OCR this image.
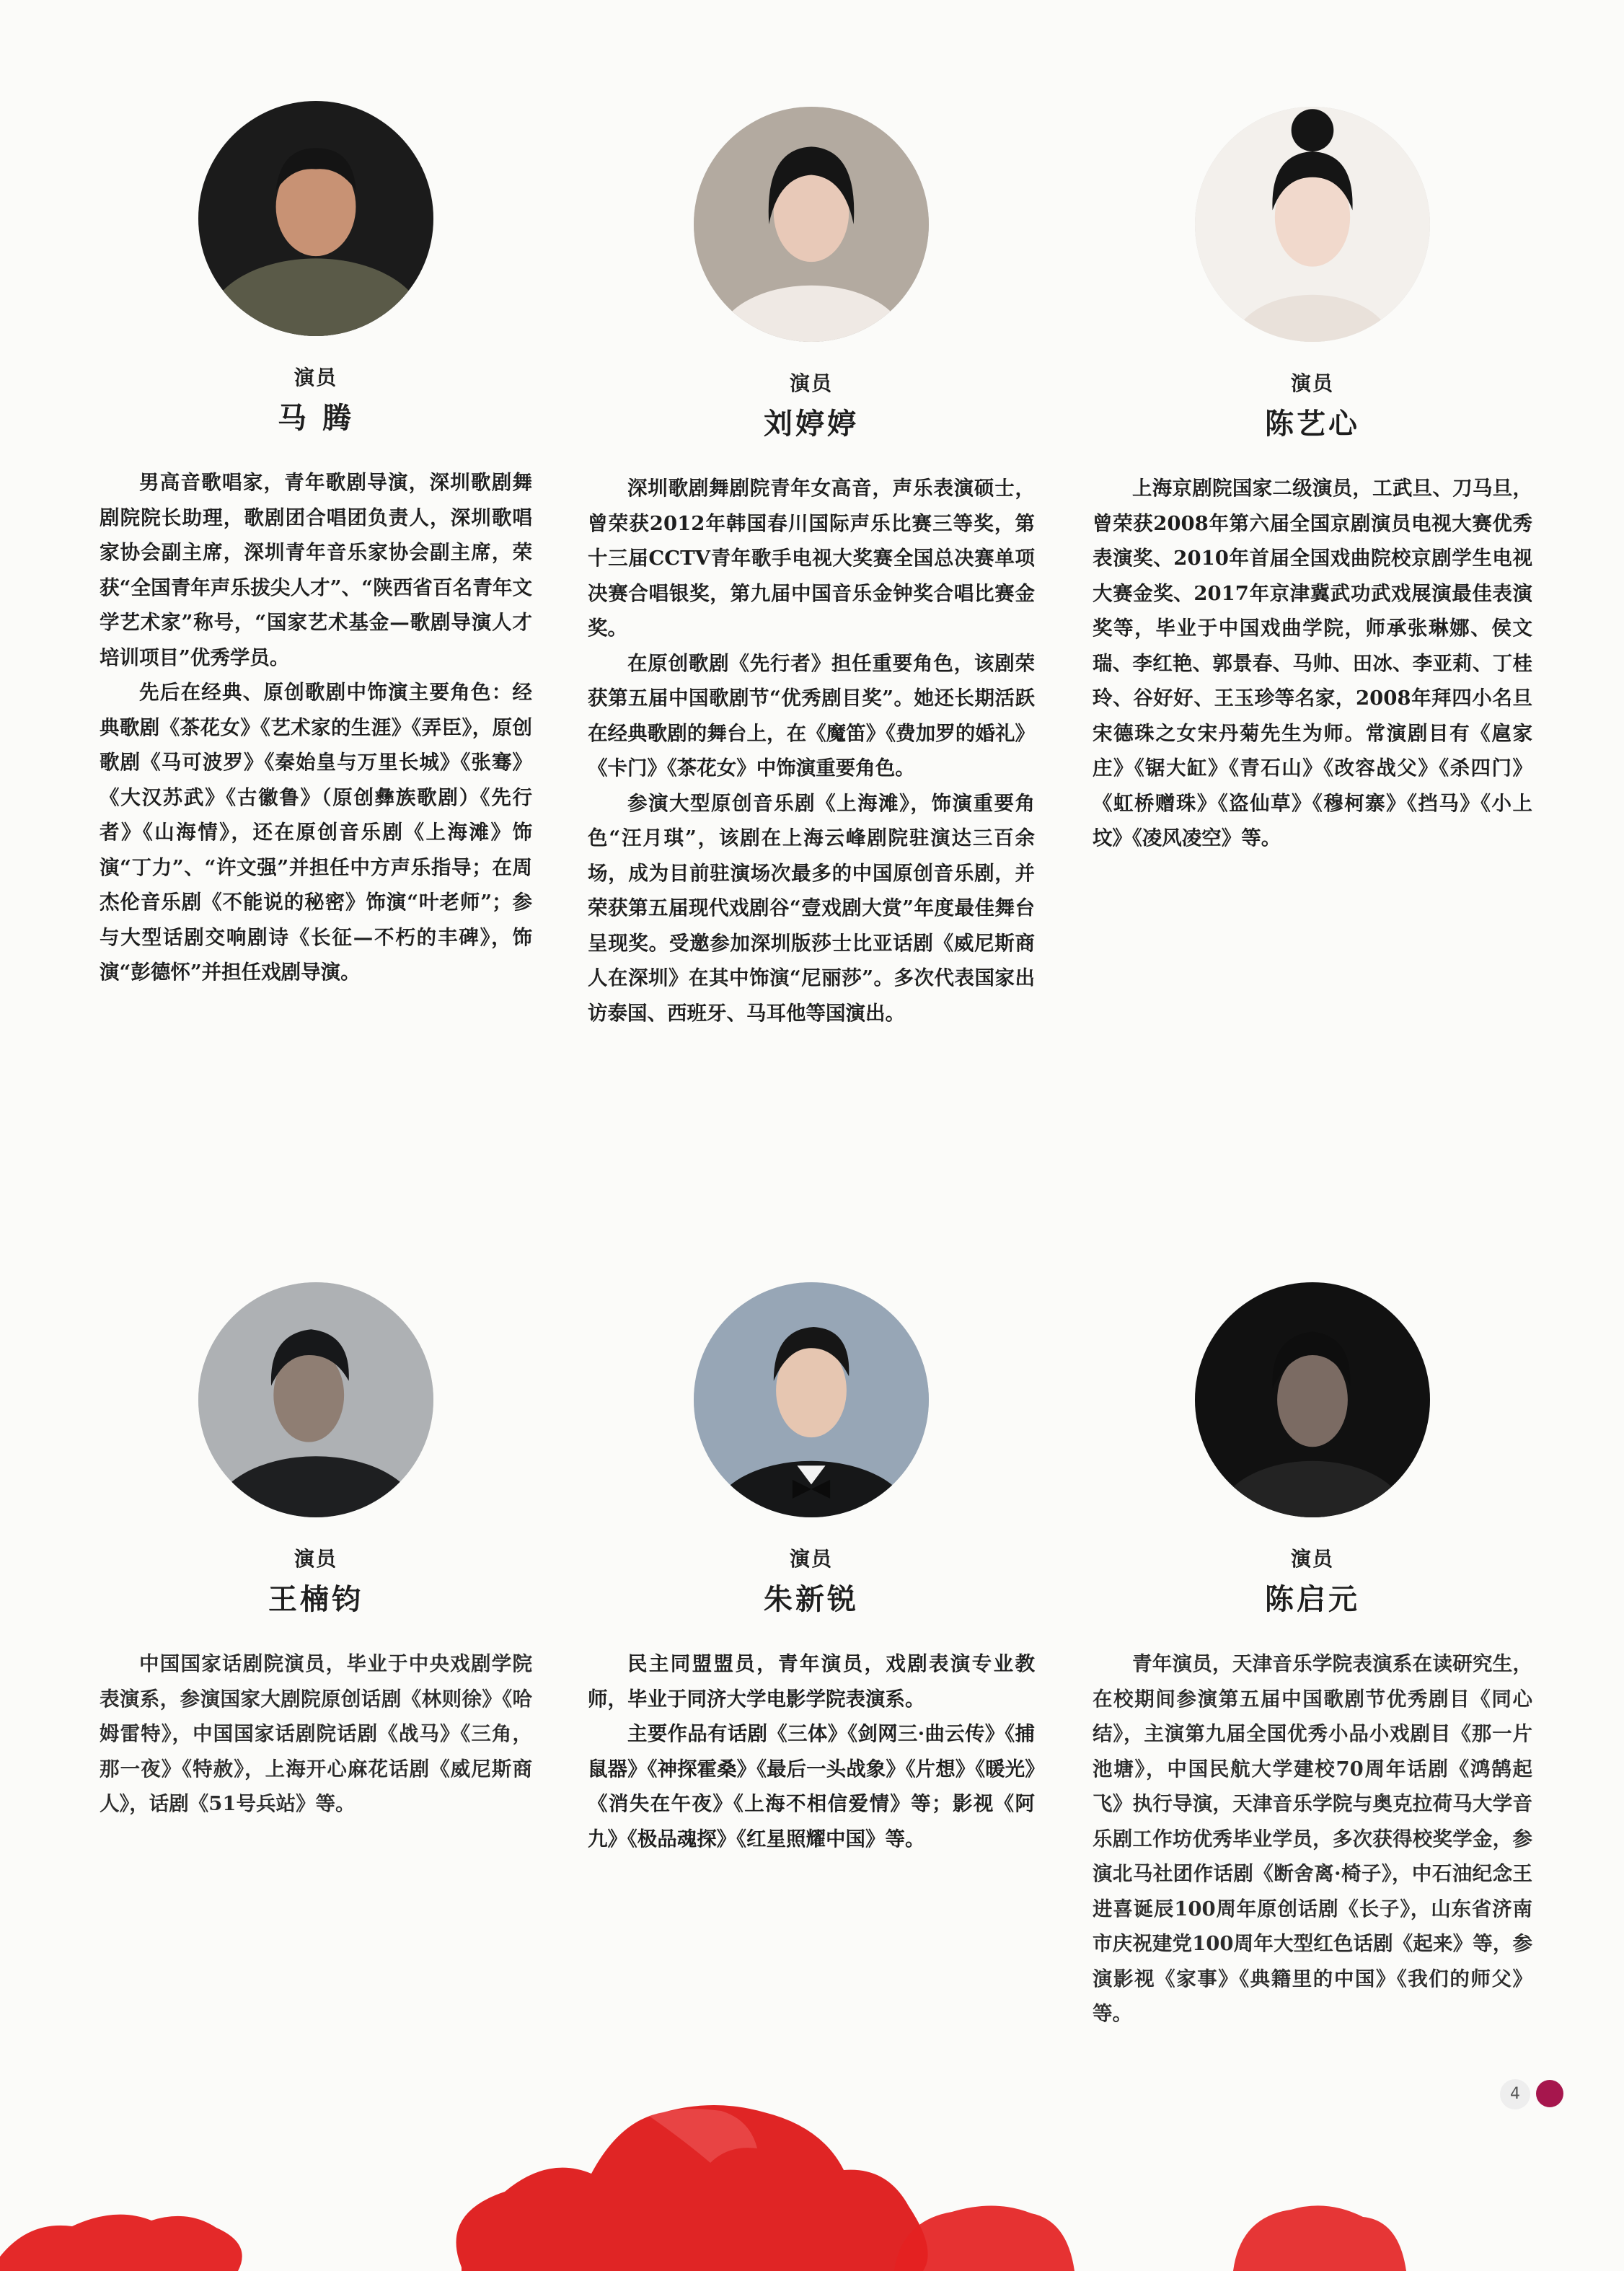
演员
马 腾

男高音歌唱家，青年歌剧导演，深圳歌剧舞剧院院长助理，歌剧团合唱团负责人，深圳歌唱家协会副主席，深圳青年音乐家协会副主席，荣获“全国青年声乐拔尖人才”、“陕西省百名青年文学艺术家”称号，“国家艺术基金—歌剧导演人才培训项目”优秀学员。

先后在经典、原创歌剧中饰演主要角色：经典歌剧《茶花女》《艺术家的生涯》《弄臣》，原创歌剧《马可波罗》《秦始皇与万里长城》《张骞》《大汉苏武》《古徽鲁》（原创彝族歌剧）《先行者》《山海情》，还在原创音乐剧《上海滩》饰演“丁力”、“许文强”并担任中方声乐指导；在周杰伦音乐剧《不能说的秘密》饰演“叶老师”；参与大型话剧交响剧诗《长征—不朽的丰碑》，饰演“彭德怀”并担任戏剧导演。

演员
刘婷婷

深圳歌剧舞剧院青年女高音，声乐表演硕士，曾荣获2012年韩国春川国际声乐比赛三等奖，第十三届CCTV青年歌手电视大奖赛全国总决赛单项决赛合唱银奖，第九届中国音乐金钟奖合唱比赛金奖。

在原创歌剧《先行者》担任重要角色，该剧荣获第五届中国歌剧节“优秀剧目奖”。她还长期活跃在经典歌剧的舞台上，在《魔笛》《费加罗的婚礼》《卡门》《茶花女》中饰演重要角色。

参演大型原创音乐剧《上海滩》，饰演重要角色“汪月琪”，该剧在上海云峰剧院驻演达三百余场，成为目前驻演场次最多的中国原创音乐剧，并荣获第五届现代戏剧谷“壹戏剧大赏”年度最佳舞台呈现奖。受邀参加深圳版莎士比亚话剧《威尼斯商人在深圳》在其中饰演“尼丽莎”。多次代表国家出访泰国、西班牙、马耳他等国演出。

演员
陈艺心

上海京剧院国家二级演员，工武旦、刀马旦，曾荣获2008年第六届全国京剧演员电视大赛优秀表演奖、2010年首届全国戏曲院校京剧学生电视大赛金奖、2017年京津冀武功武戏展演最佳表演奖等，毕业于中国戏曲学院，师承张琳娜、侯文瑞、李红艳、郭景春、马帅、田冰、李亚莉、丁桂玲、谷好好、王玉珍等名家，2008年拜四小名旦宋德珠之女宋丹菊先生为师。常演剧目有《扈家庄》《锯大缸》《青石山》《改容战父》《杀四门》《虹桥赠珠》《盗仙草》《穆柯寨》《挡马》《小上坟》《凌风凌空》等。

演员
王楠钧

中国国家话剧院演员，毕业于中央戏剧学院表演系，参演国家大剧院原创话剧《林则徐》《哈姆雷特》，中国国家话剧院话剧《战马》《三角，那一夜》《特赦》，上海开心麻花话剧《威尼斯商人》，话剧《51号兵站》等。

演员
朱新锐

民主同盟盟员，青年演员，戏剧表演专业教师，毕业于同济大学电影学院表演系。

主要作品有话剧《三体》《剑网三·曲云传》《捕鼠器》《神探霍桑》《最后一头战象》《片想》《暖光》《消失在午夜》《上海不相信爱情》等；影视《阿九》《极品魂探》《红星照耀中国》等。

演员
陈启元

青年演员，天津音乐学院表演系在读研究生，在校期间参演第五届中国歌剧节优秀剧目《同心结》，主演第九届全国优秀小品小戏剧目《那一片池塘》，中国民航大学建校70周年话剧《鸿鹄起飞》执行导演，天津音乐学院与奥克拉荷马大学音乐剧工作坊优秀毕业学员，多次获得校奖学金，参演北马社团作话剧《断舍离·椅子》，中石油纪念王进喜诞辰100周年原创话剧《长子》，山东省济南市庆祝建党100周年大型红色话剧《起来》等，参演影视《家事》《典籍里的中国》《我们的师父》等。

4
